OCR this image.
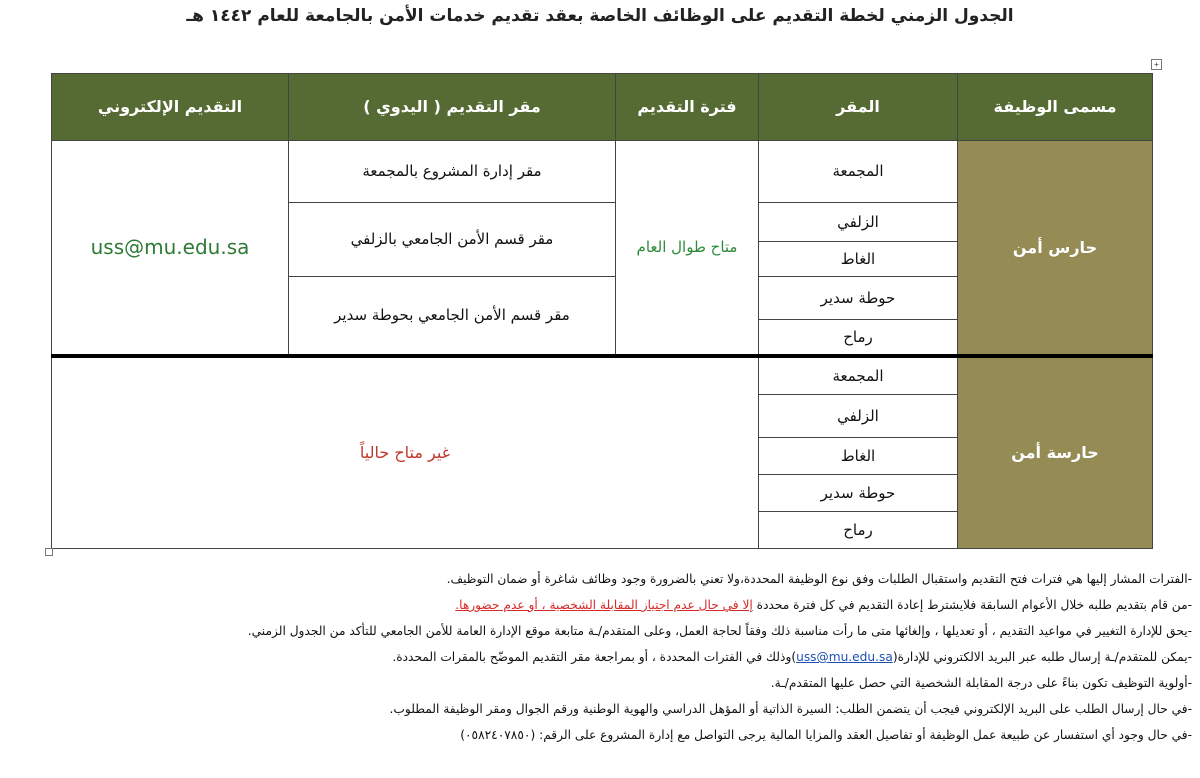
الجدول الزمني لخطة التقديم على الوظائف الخاصة بعقد تقديم خدمات الأمن بالجامعة للعام ١٤٤٢ هـ
+
مسمى الوظيفة	المقر	فترة التقديم	مقر التقديم ( اليدوي )	التقديم الإلكتروني
حارس أمن	المجمعة	متاح طوال العام	مقر إدارة المشروع بالمجمعة	uss@mu.edu.sa

	الزلفي		مقر قسم الأمن الجامعي بالزلفي	
	الغاط			
	حوطة سدير		مقر قسم الأمن الجامعي بحوطة سدير	
	رماح			
حارسة أمن	المجمعة	غير متاح حالياً		
	الزلفي			
	الغاط			
	حوطة سدير			
	رماح			

-الفترات المشار إليها هي فترات فتح التقديم واستقبال الطلبات وفق نوع الوظيفة المحددة،ولا تعني بالضرورة وجود وظائف شاغرة أو ضمان التوظيف.

-من قام بتقديم طلبه خلال الأعوام السابقة فلايشترط إعادة التقديم في كل فترة محددة إلا في حال عدم اجتياز المقابلة الشخصية ، أو عدم حضورها.

-يحق للإدارة التغيير في مواعيد التقديم ، أو تعديلها ، وإلغائها متى ما رأت مناسبة ذلك وفقاً لحاجة العمل، وعلى المتقدم/ـة متابعة موقع الإدارة العامة للأمن الجامعي للتأكد من الجدول الزمني.

-يمكن للمتقدم/ـة إرسال طلبه عبر البريد الالكتروني للإدارة(uss@mu.edu.sa)وذلك في الفترات المحددة ، أو بمراجعة مقر التقديم الموضّح بالمقرات المحددة.

-أولوية التوظيف تكون بناءً على درجة المقابلة الشخصية التي حصل عليها المتقدم/ـة.

-في حال إرسال الطلب على البريد الإلكتروني فيجب أن يتضمن الطلب: السيرة الذاتية أو المؤهل الدراسي والهوية الوطنية ورقم الجوال ومقر الوظيفة المطلوب.

-في حال وجود أي استفسار عن طبيعة عمل الوظيفة أو تفاصيل العقد والمزايا المالية يرجى التواصل مع إدارة المشروع على الرقم: (٠٥٨٢٤٠٧٨٥٠)
